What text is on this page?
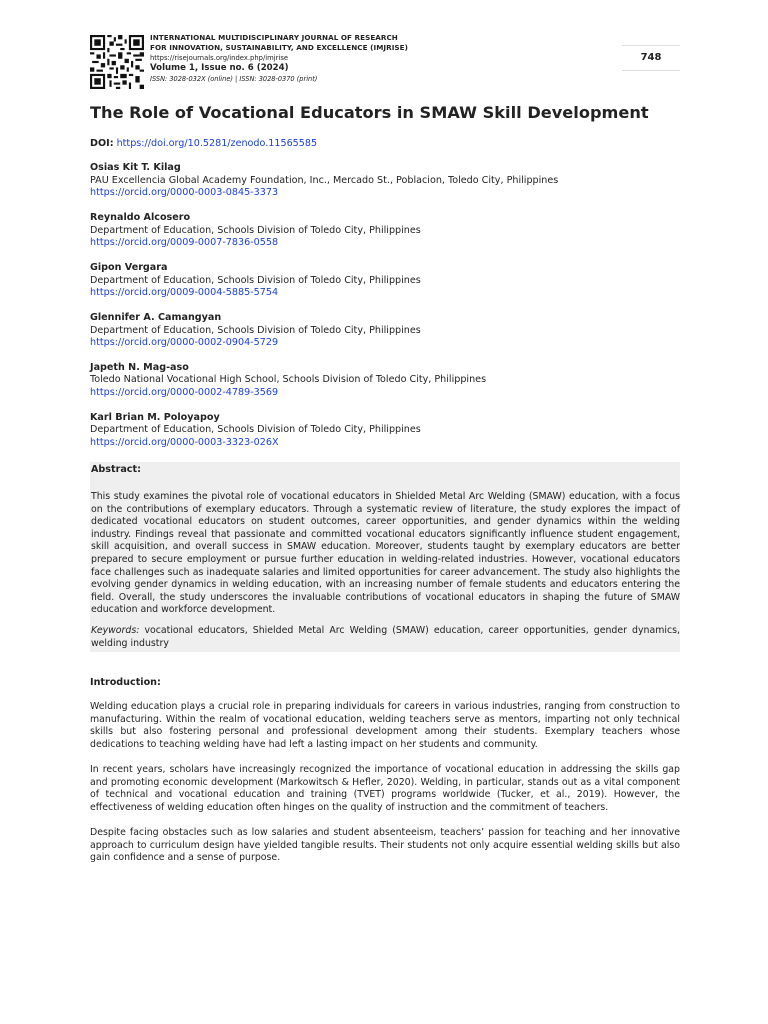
INTERNATIONAL MULTIDISCIPLINARY JOURNAL OF RESEARCH
FOR INNOVATION, SUSTAINABILITY, AND EXCELLENCE (IMJRISE)
https://risejournals.org/index.php/imjrise
Volume 1, Issue no. 6 (2024)
ISSN: 3028-032X (online) | ISSN: 3028-0370 (print)
748
The Role of Vocational Educators in SMAW Skill Development
DOI: https://doi.org/10.5281/zenodo.11565585
Osias Kit T. Kilag
PAU Excellencia Global Academy Foundation, Inc., Mercado St., Poblacion, Toledo City, Philippines
https://orcid.org/0000-0003-0845-3373
Reynaldo Alcosero
Department of Education, Schools Division of Toledo City, Philippines
https://orcid.org/0009-0007-7836-0558
Gipon Vergara
Department of Education, Schools Division of Toledo City, Philippines
https://orcid.org/0009-0004-5885-5754
Glennifer A. Camangyan
Department of Education, Schools Division of Toledo City, Philippines
https://orcid.org/0000-0002-0904-5729
Japeth N. Mag-aso
Toledo National Vocational High School, Schools Division of Toledo City, Philippines
https://orcid.org/0000-0002-4789-3569
Karl Brian M. Poloyapoy
Department of Education, Schools Division of Toledo City, Philippines
https://orcid.org/0000-0003-3323-026X
Abstract:
This study examines the pivotal role of vocational educators in Shielded Metal Arc Welding (SMAW) education, with a focus on the contributions of exemplary educators. Through a systematic review of literature, the study explores the impact of dedicated vocational educators on student outcomes, career opportunities, and gender dynamics within the welding industry. Findings reveal that passionate and committed vocational educators significantly influence student engagement, skill acquisition, and overall success in SMAW education. Moreover, students taught by exemplary educators are better prepared to secure employment or pursue further education in welding-related industries. However, vocational educators face challenges such as inadequate salaries and limited opportunities for career advancement. The study also highlights the evolving gender dynamics in welding education, with an increasing number of female students and educators entering the field. Overall, the study underscores the invaluable contributions of vocational educators in shaping the future of SMAW education and workforce development.
Keywords: vocational educators, Shielded Metal Arc Welding (SMAW) education, career opportunities, gender dynamics, welding industry
Introduction:

Welding education plays a crucial role in preparing individuals for careers in various industries, ranging from construction to manufacturing. Within the realm of vocational education, welding teachers serve as mentors, imparting not only technical skills but also fostering personal and professional development among their students. Exemplary teachers whose dedications to teaching welding have had left a lasting impact on her students and community.

In recent years, scholars have increasingly recognized the importance of vocational education in addressing the skills gap and promoting economic development (Markowitsch & Hefler, 2020). Welding, in particular, stands out as a vital component of technical and vocational education and training (TVET) programs worldwide (Tucker, et al., 2019). However, the effectiveness of welding education often hinges on the quality of instruction and the commitment of teachers.

Despite facing obstacles such as low salaries and student absenteeism, teachers’ passion for teaching and her innovative approach to curriculum design have yielded tangible results. Their students not only acquire essential welding skills but also gain confidence and a sense of purpose.
